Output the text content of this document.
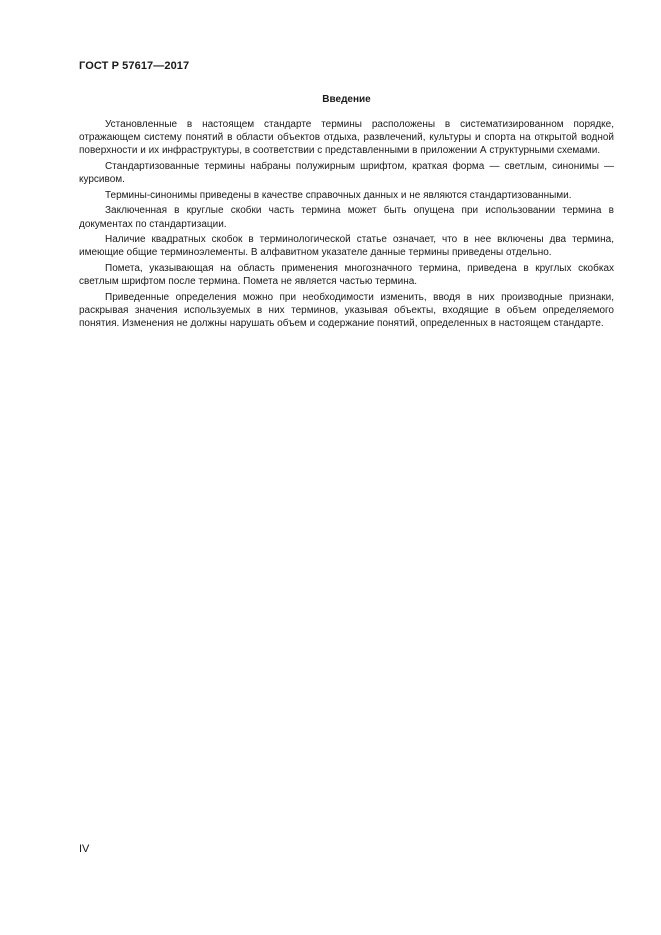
ГОСТ Р 57617—2017
Введение

Установленные в настоящем стандарте термины расположены в систематизированном порядке, отражающем систему понятий в области объектов отдыха, развлечений, культуры и спорта на открытой водной поверхности и их инфраструктуры, в соответствии с представленными в приложении А структурными схемами.

Стандартизованные термины набраны полужирным шрифтом, краткая форма — светлым, синонимы — курсивом.

Термины-синонимы приведены в качестве справочных данных и не являются стандартизованными.

Заключенная в круглые скобки часть термина может быть опущена при использовании термина в документах по стандартизации.

Наличие квадратных скобок в терминологической статье означает, что в нее включены два термина, имеющие общие терминоэлементы. В алфавитном указателе данные термины приведены отдельно.

Помета, указывающая на область применения многозначного термина, приведена в круглых скобках светлым шрифтом после термина. Помета не является частью термина.

Приведенные определения можно при необходимости изменить, вводя в них производные признаки, раскрывая значения используемых в них терминов, указывая объекты, входящие в объем определяемого понятия. Изменения не должны нарушать объем и содержание понятий, определенных в настоящем стандарте.

IV
